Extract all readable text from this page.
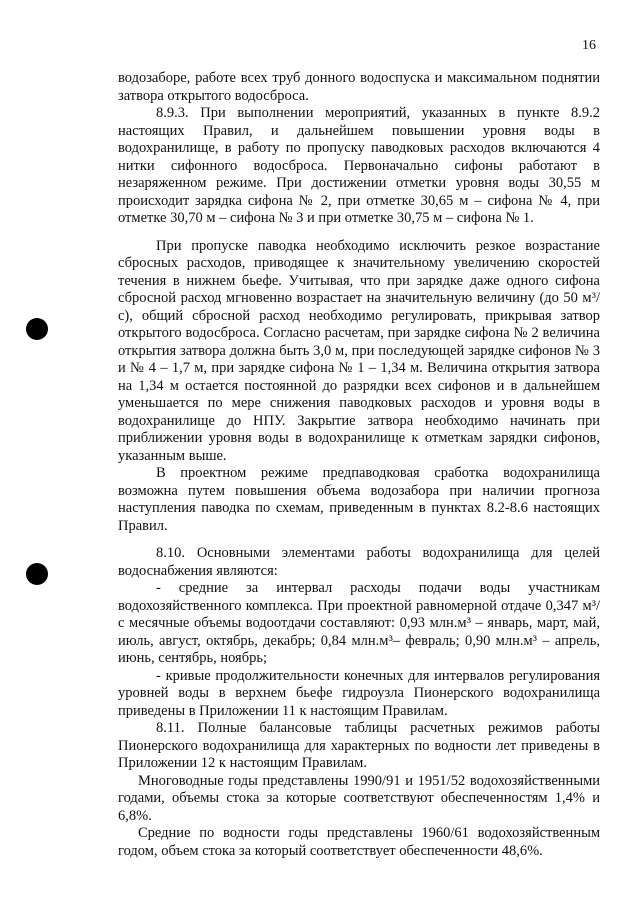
16

водозаборе, работе всех труб донного водоспуска и максимальном поднятии затвора открытого водосброса.

8.9.3. При выполнении мероприятий, указанных в пункте 8.9.2 настоящих Правил, и дальнейшем повышении уровня воды в водохранилище, в работу по пропуску паводковых расходов включаются 4 нитки сифонного водосброса. Первоначально сифоны работают в незаряженном режиме. При достижении отметки уровня воды 30,55 м происходит зарядка сифона № 2, при отметке 30,65 м – сифона № 4, при отметке 30,70 м – сифона № 3 и при отметке 30,75 м – сифона № 1.

При пропуске паводка необходимо исключить резкое возрастание сбросных расходов, приводящее к значительному увеличению скоростей течения в нижнем бьефе. Учитывая, что при зарядке даже одного сифона сбросной расход мгновенно возрастает на значительную величину (до 50 м³/с), общий сбросной расход необходимо регулировать, прикрывая затвор открытого водосброса. Согласно расчетам, при зарядке сифона № 2 величина открытия затвора должна быть 3,0 м, при последующей зарядке сифонов № 3 и № 4 – 1,7 м, при зарядке сифона № 1 – 1,34 м. Величина открытия затвора на 1,34 м остается постоянной до разрядки всех сифонов и в дальнейшем уменьшается по мере снижения паводковых расходов и уровня воды в водохранилище до НПУ. Закрытие затвора необходимо начинать при приближении уровня воды в водохранилище к отметкам зарядки сифонов, указанным выше.

В проектном режиме предпаводковая сработка водохранилища возможна путем повышения объема водозабора при наличии прогноза наступления паводка по схемам, приведенным в пунктах 8.2-8.6 настоящих Правил.

8.10. Основными элементами работы водохранилища для целей водоснабжения являются:

- средние за интервал расходы подачи воды участникам водохозяйственного комплекса. При проектной равномерной отдаче 0,347 м³/с месячные объемы водоотдачи составляют: 0,93 млн.м³ – январь, март, май, июль, август, октябрь, декабрь; 0,84 млн.м³– февраль; 0,90 млн.м³ – апрель, июнь, сентябрь, ноябрь;

- кривые продолжительности конечных для интервалов регулирования уровней воды в верхнем бьефе гидроузла Пионерского водохранилища приведены в Приложении 11 к настоящим Правилам.

8.11. Полные балансовые таблицы расчетных режимов работы Пионерского водохранилища для характерных по водности лет приведены в Приложении 12 к настоящим Правилам.

Многоводные годы представлены 1990/91 и 1951/52 водохозяйственными годами, объемы стока за которые соответствуют обеспеченностям 1,4% и 6,8%.

Средние по водности годы представлены 1960/61 водохозяйственным годом, объем стока за который соответствует обеспеченности 48,6%.
